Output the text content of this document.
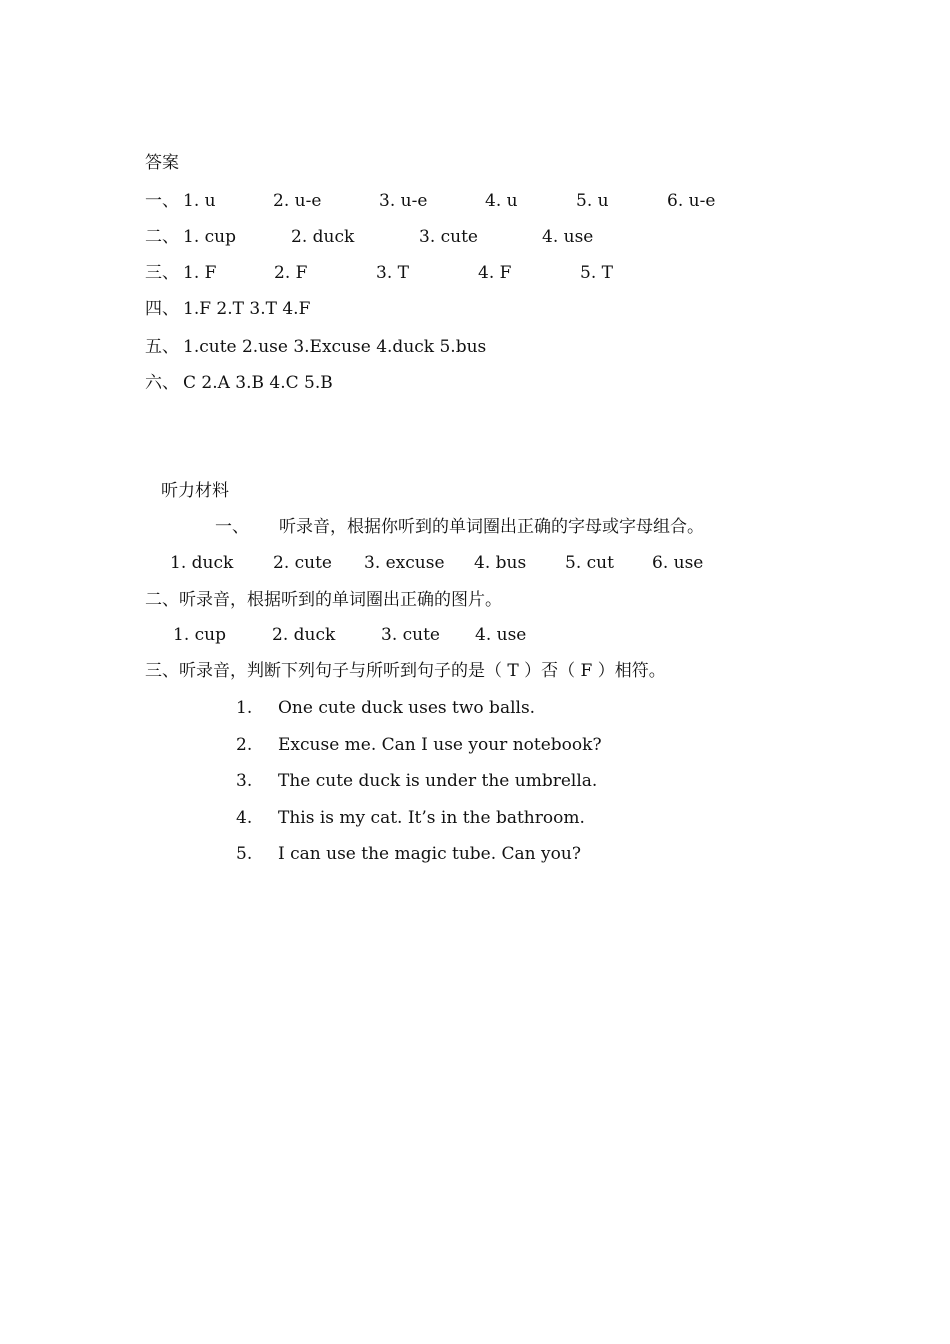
答案
一、 1. u	2. u-e	3. u-e	4. u	5. u	6. u-e
二、 1. cup	2. duck	3. cute	4. use
三、 1. F	2. F	3. T	4. F	5. T
四、 1.F 2.T 3.T 4.F
五、 1.cute 2.use 3.Excuse 4.duck 5.bus
六、 C 2.A 3.B 4.C 5.B
听力材料
一、 听录音，根据你听到的单词圈出正确的字母或字母组合。
1. duck 2. cute 3. excuse 4. bus 5. cut 6. use
二、听录音，根据听到的单词圈出正确的图片。
1. cup	2. duck	3. cute 4. use
三、听录音，判断下列句子与所听到句子的是（ T ）否（ F ）相符。
1. One cute duck uses two balls.
2. Excuse me. Can I use your notebook?
3. The cute duck is under the umbrella.
4. This is my cat. It’s in the bathroom.
5. I can use the magic tube. Can you?
